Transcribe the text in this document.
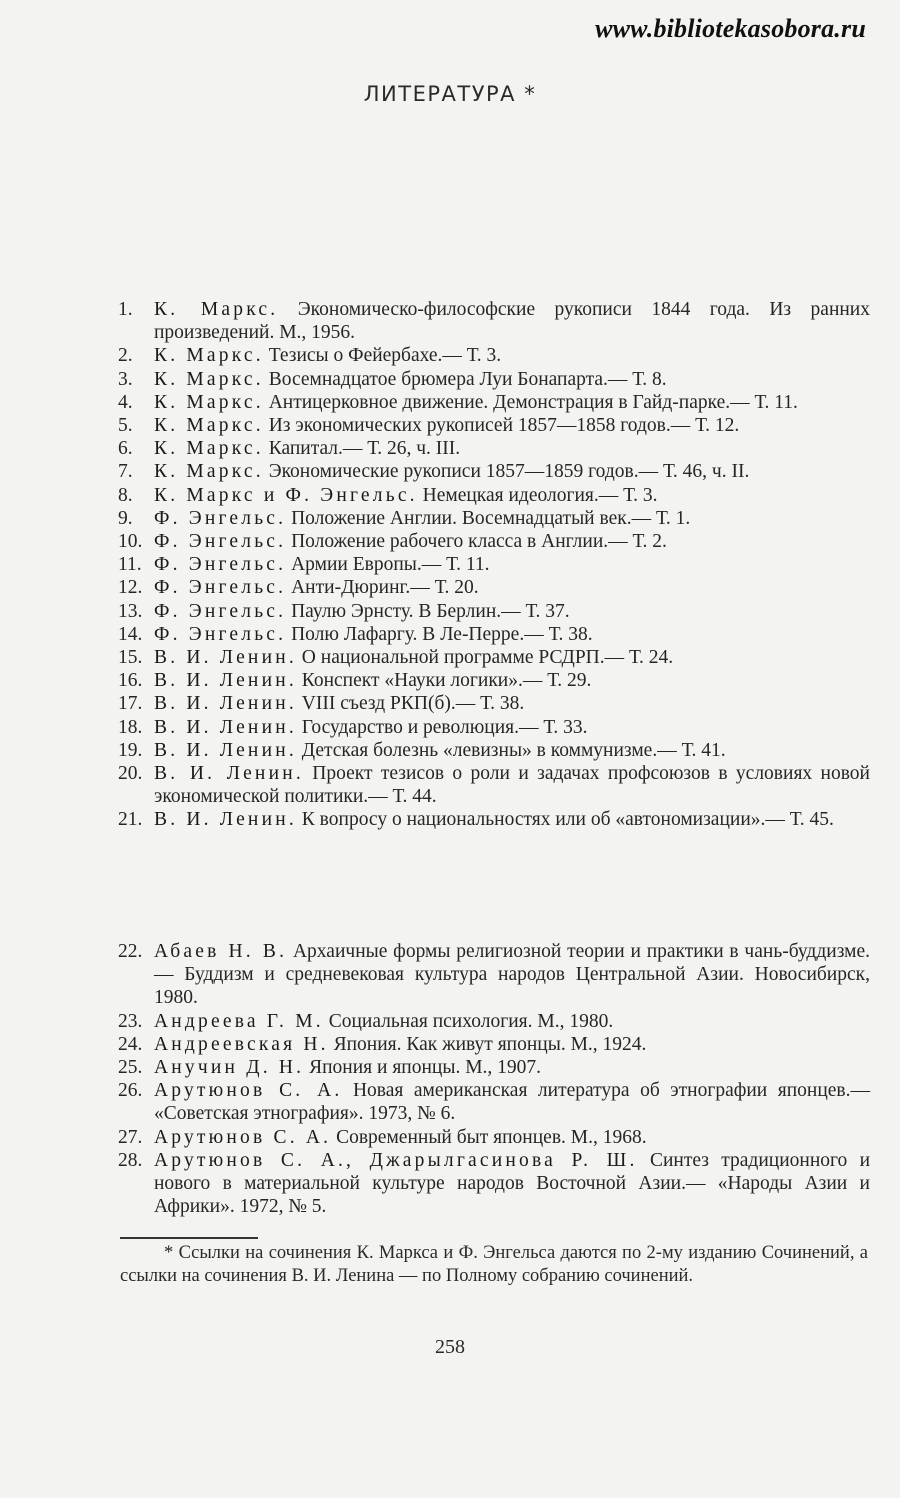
www.bibliotekasobora.ru
ЛИТЕРАТУРА *
1.	К. Маркс. Экономическо-философские рукописи 1844 года. Из ранних произведений. М., 1956.
2.	К. Маркс. Тезисы о Фейербахе.— Т. 3.
3.	К. Маркс. Восемнадцатое брюмера Луи Бонапарта.— Т. 8.
4.	К. Маркс. Антицерковное движение. Демонстрация в Гайд-парке.— Т. 11.
5.	К. Маркс. Из экономических рукописей 1857—1858 годов.— Т. 12.
6.	К. Маркс. Капитал.— Т. 26, ч. III.
7.	К. Маркс. Экономические рукописи 1857—1859 годов.— Т. 46, ч. II.
8.	К. Маркс и Ф. Энгельс. Немецкая идеология.— Т. 3.
9.	Ф. Энгельс. Положение Англии. Восемнадцатый век.— Т. 1.
10. Ф. Энгельс. Положение рабочего класса в Англии.— Т. 2.
11. Ф. Энгельс. Армии Европы.— Т. 11.
12. Ф. Энгельс. Анти-Дюринг.— Т. 20.
13. Ф. Энгельс. Паулю Эрнсту. В Берлин.— Т. 37.
14. Ф. Энгельс. Полю Лафаргу. В Ле-Перре.— Т. 38.
15. В. И. Ленин. О национальной программе РСДРП.— Т. 24.
16. В. И. Ленин. Конспект «Науки логики».— Т. 29.
17. В. И. Ленин. VIII съезд РКП(б).— Т. 38.
18. В. И. Ленин. Государство и революция.— Т. 33.
19. В. И. Ленин. Детская болезнь «левизны» в коммунизме.— Т. 41.
20. В. И. Ленин. Проект тезисов о роли и задачах профсоюзов в условиях новой экономической политики.— Т. 44.
21. В. И. Ленин. К вопросу о национальностях или об «автономизации».— Т. 45.
22. Абаев Н. В. Архаичные формы религиозной теории и практики в чань-буддизме.— Буддизм и средневековая культура народов Центральной Азии. Новосибирск, 1980.
23. Андреева Г. М. Социальная психология. М., 1980.
24. Андреевская Н. Япония. Как живут японцы. М., 1924.
25. Анучин Д. Н. Япония и японцы. М., 1907.
26. Арутюнов С. А. Новая американская литература об этнографии японцев.— «Советская этнография». 1973, № 6.
27. Арутюнов С. А. Современный быт японцев. М., 1968.
28. Арутюнов С. А., Джарылгасинова Р. Ш. Синтез традиционного и нового в материальной культуре народов Восточной Азии.— «Народы Азии и Африки». 1972, № 5.
* Ссылки на сочинения К. Маркса и Ф. Энгельса даются по 2-му изданию Сочинений, а ссылки на сочинения В. И. Ленина — по Полному собранию сочинений.
258
